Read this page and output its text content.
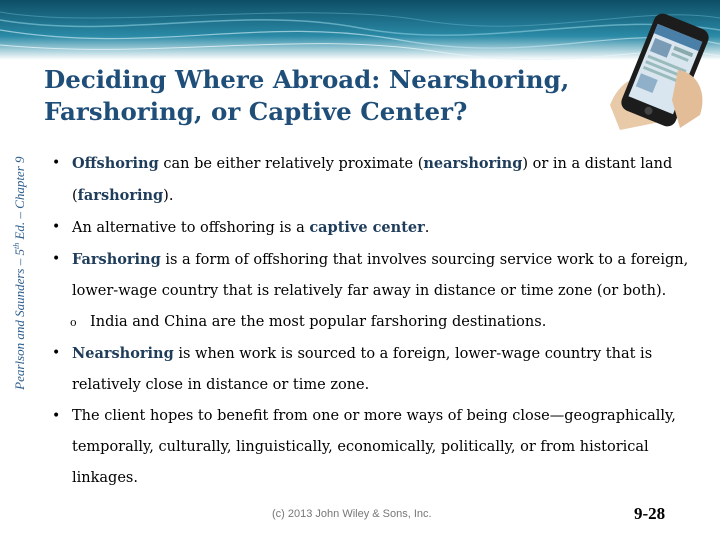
Pearlson and Saunders – 5th Ed. – Chapter 9
Deciding Where Abroad: Nearshoring,
Farshoring, or Captive Center?
• Offshoring can be either relatively proximate (nearshoring) or in a distant land (farshoring).
• An alternative to offshoring is a captive center.
• Farshoring is a form of offshoring that involves sourcing service work to a foreign, lower-wage country that is relatively far away in distance or time zone (or both).
o India and China are the most popular farshoring destinations.
• Nearshoring is when work is sourced to a foreign, lower-wage country that is relatively close in distance or time zone.
• The client hopes to benefit from one or more ways of being close—geographically, temporally, culturally, linguistically, economically, politically, or from historical linkages.
(c) 2013 John Wiley & Sons, Inc.	9-28
